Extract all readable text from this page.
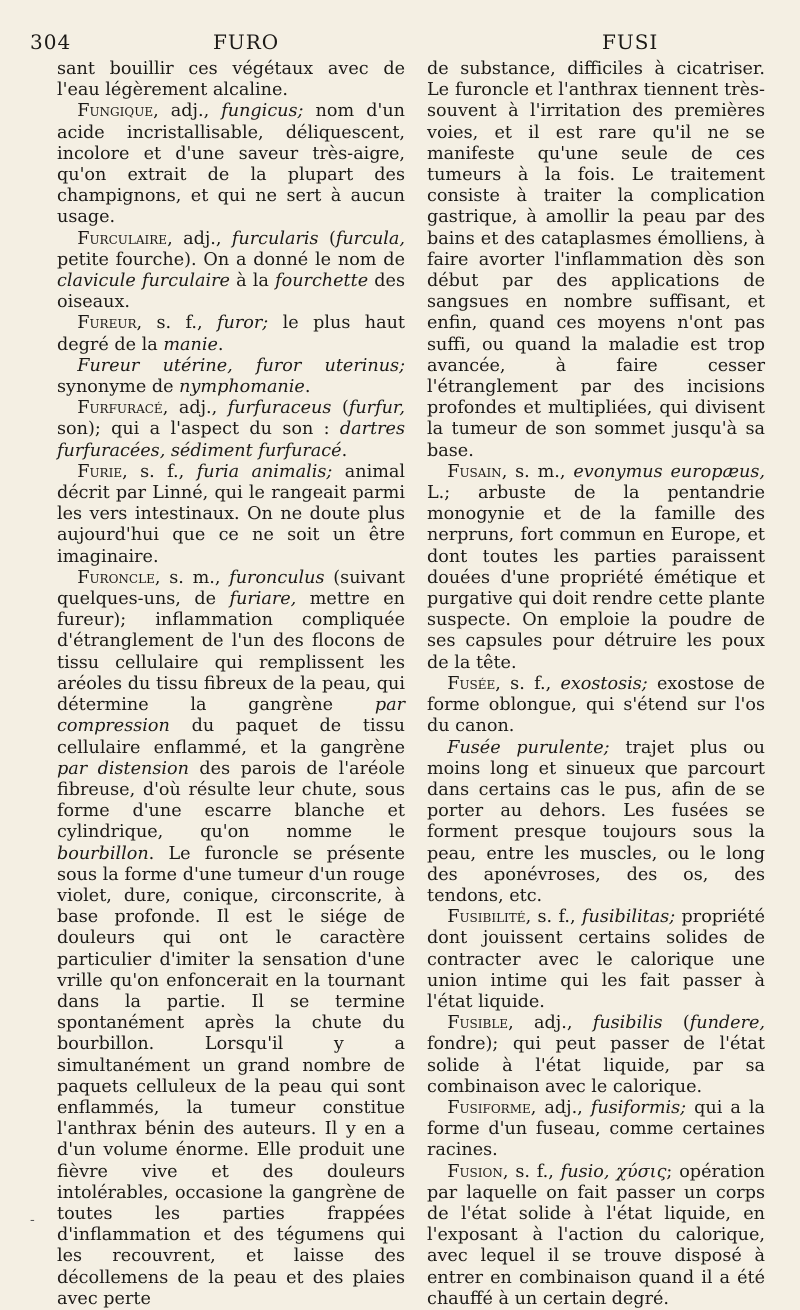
304	FURO	FUSI

sant bouillir ces végétaux avec de l'eau légèrement alcaline.

Fungique, adj., fungicus; nom d'un acide incristallisable, déliquescent, incolore et d'une saveur très-aigre, qu'on extrait de la plupart des champignons, et qui ne sert à aucun usage.

Furculaire, adj., furcularis (furcula, petite fourche). On a donné le nom de clavicule furculaire à la fourchette des oiseaux.

Fureur, s. f., furor; le plus haut degré de la manie.

Fureur utérine, furor uterinus; synonyme de nymphomanie.

Furfuracé, adj., furfuraceus (furfur, son); qui a l'aspect du son : dartres furfuracées, sédiment furfuracé.

Furie, s. f., furia animalis; animal décrit par Linné, qui le rangeait parmi les vers intestinaux. On ne doute plus aujourd'hui que ce ne soit un être imaginaire.

Furoncle, s. m., furonculus (suivant quelques-uns, de furiare, mettre en fureur); inflammation compliquée d'étranglement de l'un des flocons de tissu cellulaire qui remplissent les aréoles du tissu fibreux de la peau, qui détermine la gangrène par compression du paquet de tissu cellulaire enflammé, et la gangrène par distension des parois de l'aréole fibreuse, d'où résulte leur chute, sous forme d'une escarre blanche et cylindrique, qu'on nomme le bourbillon. Le furoncle se présente sous la forme d'une tumeur d'un rouge violet, dure, conique, circonscrite, à base profonde. Il est le siége de douleurs qui ont le caractère particulier d'imiter la sensation d'une vrille qu'on enfoncerait en la tournant dans la partie. Il se termine spontanément après la chute du bourbillon. Lorsqu'il y a simultanément un grand nombre de paquets celluleux de la peau qui sont enflammés, la tumeur constitue l'anthrax bénin des auteurs. Il y en a d'un volume énorme. Elle produit une fièvre vive et des douleurs intolérables, occasione la gangrène de toutes les parties frappées d'inflammation et des tégumens qui les recouvrent, et laisse des décollemens de la peau et des plaies avec perte

de substance, difficiles à cicatriser. Le furoncle et l'anthrax tiennent très-souvent à l'irritation des premières voies, et il est rare qu'il ne se manifeste qu'une seule de ces tumeurs à la fois. Le traitement consiste à traiter la complication gastrique, à amollir la peau par des bains et des cataplasmes émolliens, à faire avorter l'inflammation dès son début par des applications de sangsues en nombre suffisant, et enfin, quand ces moyens n'ont pas suffi, ou quand la maladie est trop avancée, à faire cesser l'étranglement par des incisions profondes et multipliées, qui divisent la tumeur de son sommet jusqu'à sa base.

Fusain, s. m., evonymus europæus, L.; arbuste de la pentandrie monogynie et de la famille des nerpruns, fort commun en Europe, et dont toutes les parties paraissent douées d'une propriété émétique et purgative qui doit rendre cette plante suspecte. On emploie la poudre de ses capsules pour détruire les poux de la tête.

Fusée, s. f., exostosis; exostose de forme oblongue, qui s'étend sur l'os du canon.

Fusée purulente; trajet plus ou moins long et sinueux que parcourt dans certains cas le pus, afin de se porter au dehors. Les fusées se forment presque toujours sous la peau, entre les muscles, ou le long des aponévroses, des os, des tendons, etc.

Fusibilité, s. f., fusibilitas; propriété dont jouissent certains solides de contracter avec le calorique une union intime qui les fait passer à l'état liquide.

Fusible, adj., fusibilis (fundere, fondre); qui peut passer de l'état solide à l'état liquide, par sa combinaison avec le calorique.

Fusiforme, adj., fusiformis; qui a la forme d'un fuseau, comme certaines racines.

Fusion, s. f., fusio, χύσις; opération par laquelle on fait passer un corps de l'état solide à l'état liquide, en l'exposant à l'action du calorique, avec lequel il se trouve disposé à entrer en combinaison quand il a été chauffé à un certain degré.

-
